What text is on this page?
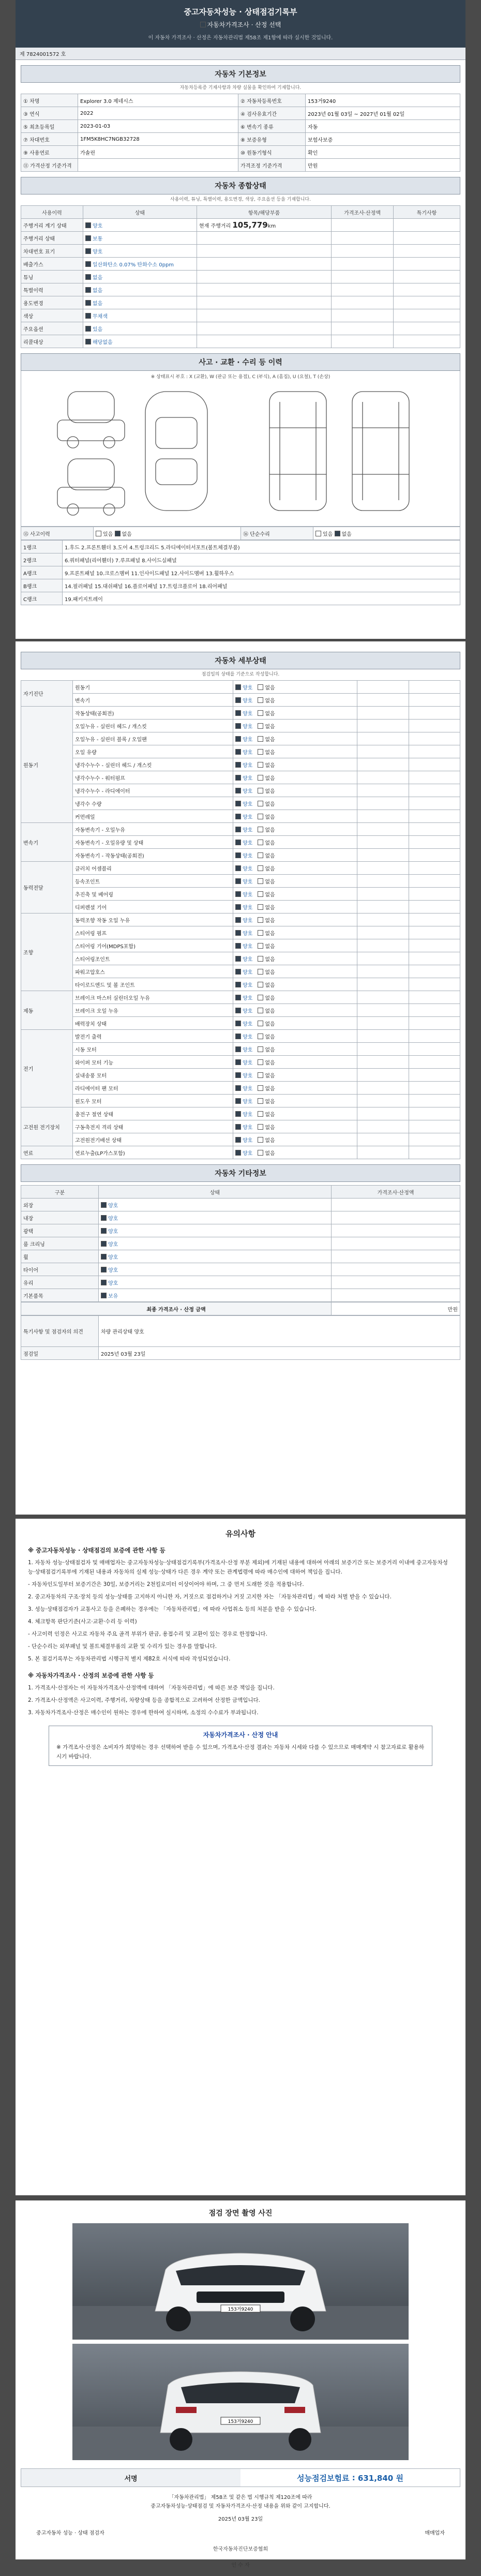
중고자동차성능 · 상태점검기록부
자동차가격조사 · 산정 선택
이 자동차 가격조사 · 산정은 자동차관리법 제58조 제1항에 따라 실시한 것입니다.
제 7824001572 호
자동차 기본정보
자동차등록증 기재사항과 차량 실물을 확인하여 기재합니다.
① 차명	Explorer 3.0 제네시스	② 자동차등록번호	153거9240
③ 연식	2022	④ 검사유효기간	2023년 01월 03일 ~ 2027년 01월 02일
⑤ 최초등록일	2023-01-03	⑥ 변속기 종류	자동
⑦ 차대번호	1FM5K8HC7NGB32728	⑧ 보증유형	보험사보증
⑨ 사용연료	가솔린	⑩ 원동기형식	확인
⑪ 가격산정 기준가격		가격조정 기준가격	만원
자동차 종합상태
사용이력, 튜닝, 특별이력, 용도변경, 색상, 주요옵션 등을 기재합니다.
사용이력	상태	항목/해당부품	가격조사·산정액	특기사항
주행거리 계기 상태	양호	현재 주행거리 105,779km		
주행거리 상태	보통			
차대번호 표기	양호			
배출가스	일산화탄소 0.07% 탄화수소 0ppm			
튜닝	없음			
특별이력	없음			
용도변경	없음			
색상	무채색			
주요옵션	있음			
리콜대상	해당없음			
사고 · 교환 · 수리 등 이력
※ 상태표시 부호 : X (교환), W (판금 또는 용접), C (부식), A (흠집), U (요철), T (손상)
⑮ 사고이력	있음 없음	⑯ 단순수리	있음 없음
1랭크	1.후드 2.프론트휀더 3.도어 4.트렁크리드 5.라디에이터서포트(볼트체결부품)
2랭크	6.쿼터패널(리어휀더) 7.루프패널 8.사이드실패널
A랭크	9.프론트패널 10.크로스멤버 11.인사이드패널 12.사이드멤버 13.휠하우스
B랭크	14.필러패널 15.대쉬패널 16.플로어패널 17.트렁크플로어 18.리어패널
C랭크	19.패키지트레이
자동차 세부상태
점검일의 상태를 기준으로 작성합니다.
자기진단	원동기	양호 없음		
	변속기	양호 없음		
원동기	작동상태(공회전)	양호 없음		
	오일누유 - 실린더 헤드 / 개스킷	양호 없음		
	오일누유 - 실린더 블록 / 오일팬	양호 없음		
	오일 유량	양호 없음		
	냉각수누수 - 실린더 헤드 / 개스킷	양호 없음		
	냉각수누수 - 워터펌프	양호 없음		
	냉각수누수 - 라디에이터	양호 없음		
	냉각수 수량	양호 없음		
	커먼레일	양호 없음		
변속기	자동변속기 - 오일누유	양호 없음		
	자동변속기 - 오일유량 및 상태	양호 없음		
	자동변속기 - 작동상태(공회전)	양호 없음		
동력전달	클러치 어셈블리	양호 없음		
	등속조인트	양호 없음		
	추진축 및 베어링	양호 없음		
	디퍼렌셜 기어	양호 없음		
조향	동력조향 작동 오일 누유	양호 없음		
	스티어링 펌프	양호 없음		
	스티어링 기어(MDPS포함)	양호 없음		
	스티어링조인트	양호 없음		
	파워고압호스	양호 없음		
	타이로드엔드 및 볼 조인트	양호 없음		
제동	브레이크 마스터 실린더오일 누유	양호 없음		
	브레이크 오일 누유	양호 없음		
	배력장치 상태	양호 없음		
전기	발전기 출력	양호 없음		
	시동 모터	양호 없음		
	와이퍼 모터 기능	양호 없음		
	실내송풍 모터	양호 없음		
	라디에이터 팬 모터	양호 없음		
	윈도우 모터	양호 없음		
고전원 전기장치	충전구 절연 상태	양호 없음		
	구동축전지 격리 상태	양호 없음		
	고전원전기배선 상태	양호 없음		
연료	연료누출(LP가스포함)	양호 없음		
자동차 기타정보
구분	상태	가격조사·산정액
외장	양호	
내장	양호	
광택	양호	
룸 크리닝	양호	
휠	양호	
타이어	양호	
유리	양호	
기본품목	보유	
최종 가격조사 · 산정 금액	만원
특기사항 및 점검자의 의견	차량 관리상태 양호
점검일	2025년 03월 23일
유의사항
※ 중고자동차성능 · 상태점검의 보증에 관한 사항 등

1. 자동차 성능·상태점검자 및 매매업자는 중고자동차성능·상태점검기록부(가격조사·산정 부분 제외)에 기재된 내용에 대하여 아래의 보증기간 또는 보증거리 이내에 중고자동차성능·상태점검기록부에 기재된 내용과 자동차의 실제 성능·상태가 다른 경우 계약 또는 관계법령에 따라 매수인에 대하여 책임을 집니다.

- 자동차인도일부터 보증기간은 30일, 보증거리는 2천킬로미터 이상이어야 하며, 그 중 먼저 도래한 것을 적용합니다.

2. 중고자동차의 구조·장치 등의 성능·상태를 고지하지 아니한 자, 거짓으로 점검하거나 거짓 고지한 자는 「자동차관리법」에 따라 처벌 받을 수 있습니다.

3. 성능·상태점검자가 교통사고 등을 은폐하는 경우에는 「자동차관리법」에 따라 사업취소 등의 처분을 받을 수 있습니다.

4. 체크항목 판단기준(사고·교환·수리 등 이력)

- 사고이력 인정은 사고로 자동차 주요 골격 부위가 판금, 용접수리 및 교환이 있는 경우로 한정합니다.

- 단순수리는 외부패널 및 볼트체결부품의 교환 및 수리가 있는 경우를 말합니다.

5. 본 점검기록부는 자동차관리법 시행규칙 별지 제82호 서식에 따라 작성되었습니다.

※ 자동차가격조사 · 산정의 보증에 관한 사항 등

1. 가격조사·산정자는 이 자동차가격조사·산정액에 대하여 「자동차관리법」에 따른 보증 책임을 집니다.

2. 가격조사·산정액은 사고이력, 주행거리, 차량상태 등을 종합적으로 고려하여 산정한 금액입니다.

3. 자동차가격조사·산정은 매수인이 원하는 경우에 한하여 실시하며, 소정의 수수료가 부과됩니다.

자동차가격조사 · 산정 안내
※ 가격조사·산정은 소비자가 희망하는 경우 선택하여 받을 수 있으며, 가격조사·산정 결과는 자동차 시세와 다를 수 있으므로 매매계약 시 참고자료로 활용하시기 바랍니다.
점검 장면 촬영 사진
153거9240
153거9240
서명	성능점검보험료 : 631,840 원
「자동차관리법」 제58조 및 같은 법 시행규칙 제120조에 따라
중고자동차성능·상태점검 및 자동차가격조사·산정 내용을 위와 같이 고지합니다.
2025년 03월 23일
중고자동차 성능 · 상태 점검자	매매업자
한국자동차진단보증협회
인 수 자
